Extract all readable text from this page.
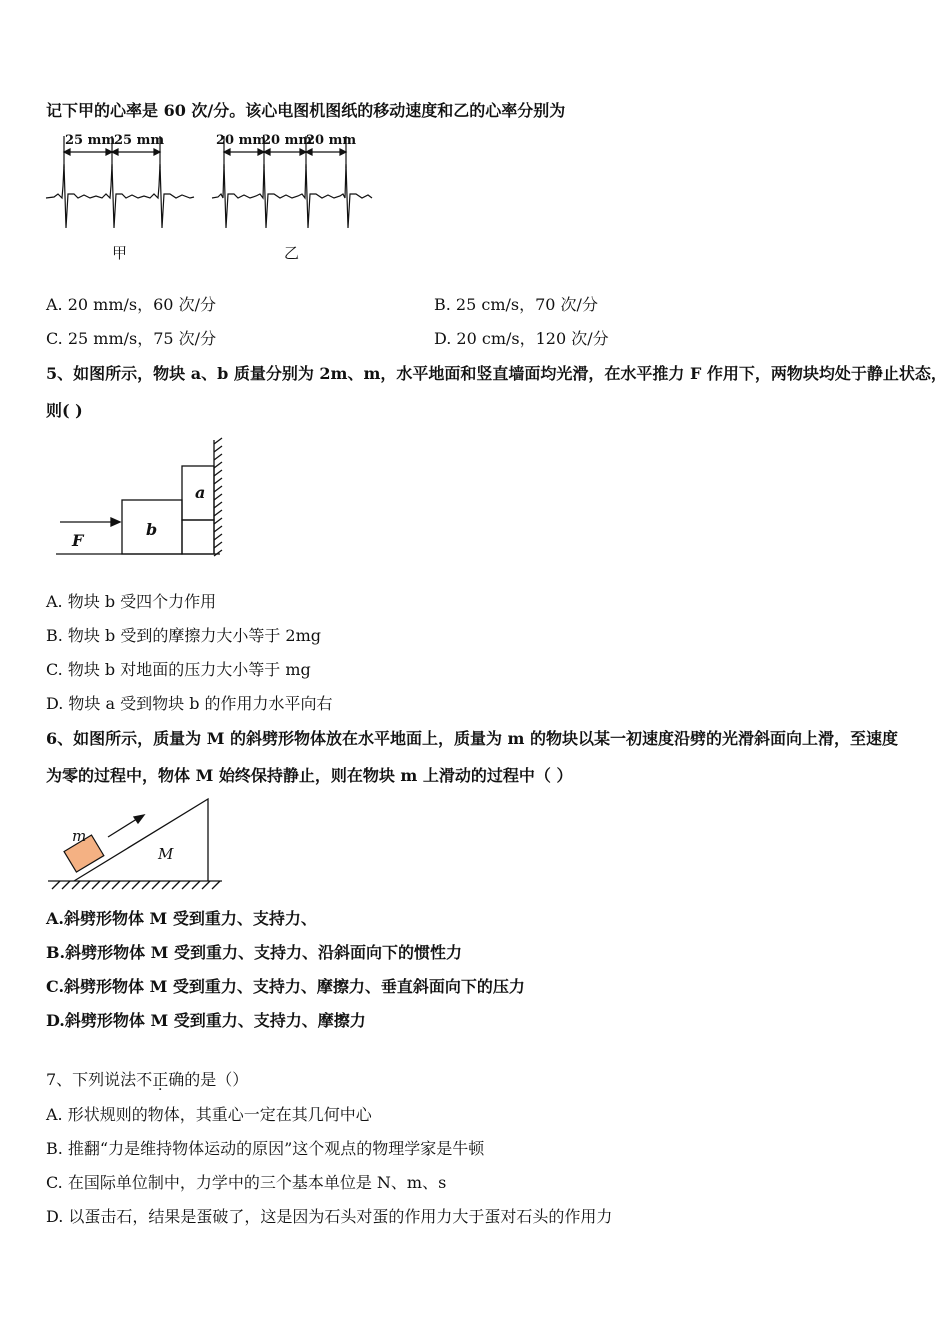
记下甲的心率是 60 次/分。该心电图机图纸的移动速度和乙的心率分别为
25 mm
25 mm	20 mm
20 mm
20 mm
甲	乙
A. 20 mm/s，60 次/分	B. 25 cm/s，70 次/分
C. 25 mm/s，75 次/分	D. 20 cm/s，120 次/分
5、如图所示，物块 a、b 质量分别为 2m、m，水平地面和竖直墙面均光滑，在水平推力 F 作用下，两物块均处于静止状态，
则( )
a
b
F
A. 物块 b 受四个力作用
B. 物块 b 受到的摩擦力大小等于 2mg
C. 物块 b 对地面的压力大小等于 mg
D. 物块 a 受到物块 b 的作用力水平向右
6、如图所示，质量为 M 的斜劈形物体放在水平地面上，质量为 m 的物块以某一初速度沿劈的光滑斜面向上滑，至速度
为零的过程中，物体 M 始终保持静止，则在物块 m 上滑动的过程中（ ）
m
M
A.斜劈形物体 M 受到重力、支持力、
B.斜劈形物体 M 受到重力、支持力、沿斜面向下的惯性力
C.斜劈形物体 M 受到重力、支持力、摩擦力、垂直斜面向下的压力
D.斜劈形物体 M 受到重力、支持力、摩擦力
7、下列说法不正确的是（）
A. 形状规则的物体，其重心一定在其几何中心
B. 推翻“力是维持物体运动的原因”这个观点的物理学家是牛顿
C. 在国际单位制中，力学中的三个基本单位是 N、m、s
D. 以蛋击石，结果是蛋破了，这是因为石头对蛋的作用力大于蛋对石头的作用力
